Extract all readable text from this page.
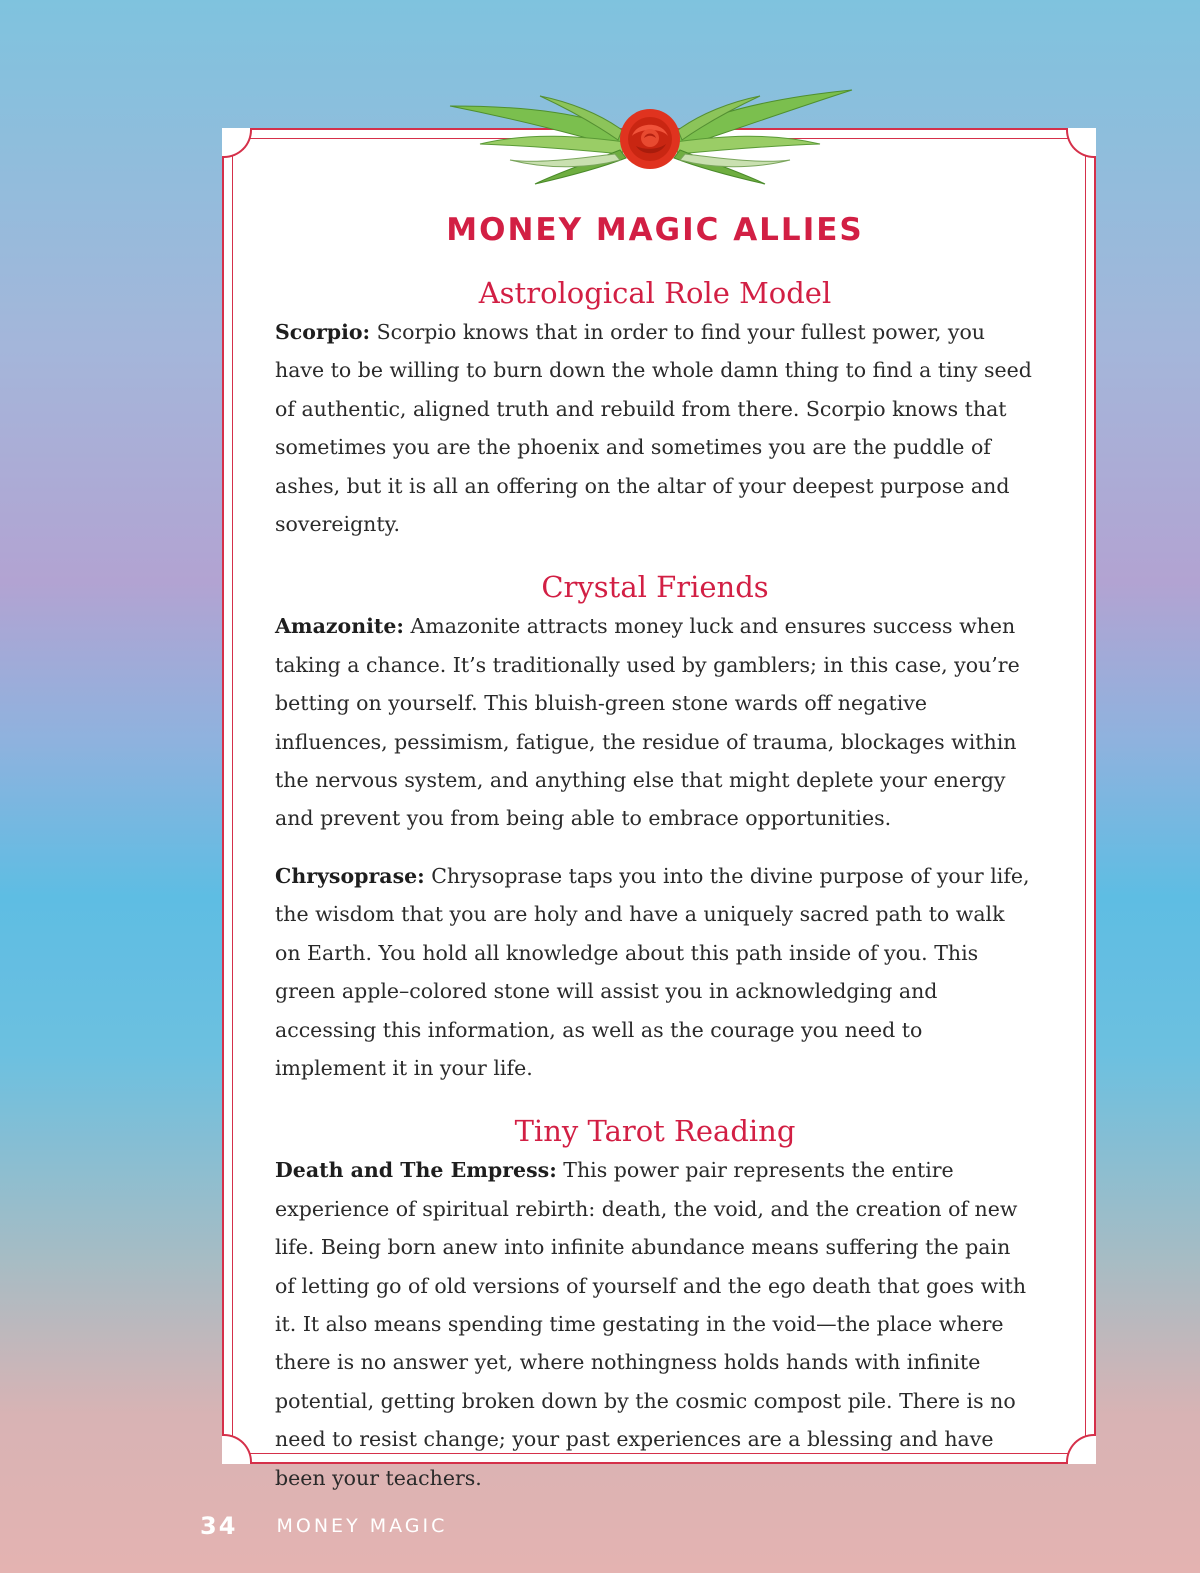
MONEY MAGIC ALLIES
Astrological Role Model

Scorpio: Scorpio knows that in order to find your fullest power, you have to be willing to burn down the whole damn thing to find a tiny seed of authentic, aligned truth and rebuild from there. Scorpio knows that sometimes you are the phoenix and sometimes you are the puddle of ashes, but it is all an offering on the altar of your deepest purpose and sovereignty.

Crystal Friends

Amazonite: Amazonite attracts money luck and ensures success when taking a chance. It’s traditionally used by gamblers; in this case, you’re betting on yourself. This bluish-green stone wards off negative influences, pessimism, fatigue, the residue of trauma, blockages within the nervous system, and anything else that might deplete your energy and prevent you from being able to embrace opportunities.

Chrysoprase: Chrysoprase taps you into the divine purpose of your life, the wisdom that you are holy and have a uniquely sacred path to walk on Earth. You hold all knowledge about this path inside of you. This green apple–colored stone will assist you in acknowledging and accessing this information, as well as the courage you need to implement it in your life.

Tiny Tarot Reading

Death and The Empress: This power pair represents the entire experience of spiritual rebirth: death, the void, and the creation of new life. Being born anew into infinite abundance means suffering the pain of letting go of old versions of yourself and the ego death that goes with it. It also means spending time gestating in the void—the place where there is no answer yet, where nothingness holds hands with infinite potential, getting broken down by the cosmic compost pile. There is no need to resist change; your past experiences are a blessing and have been your teachers.

34 MONEY MAGIC
